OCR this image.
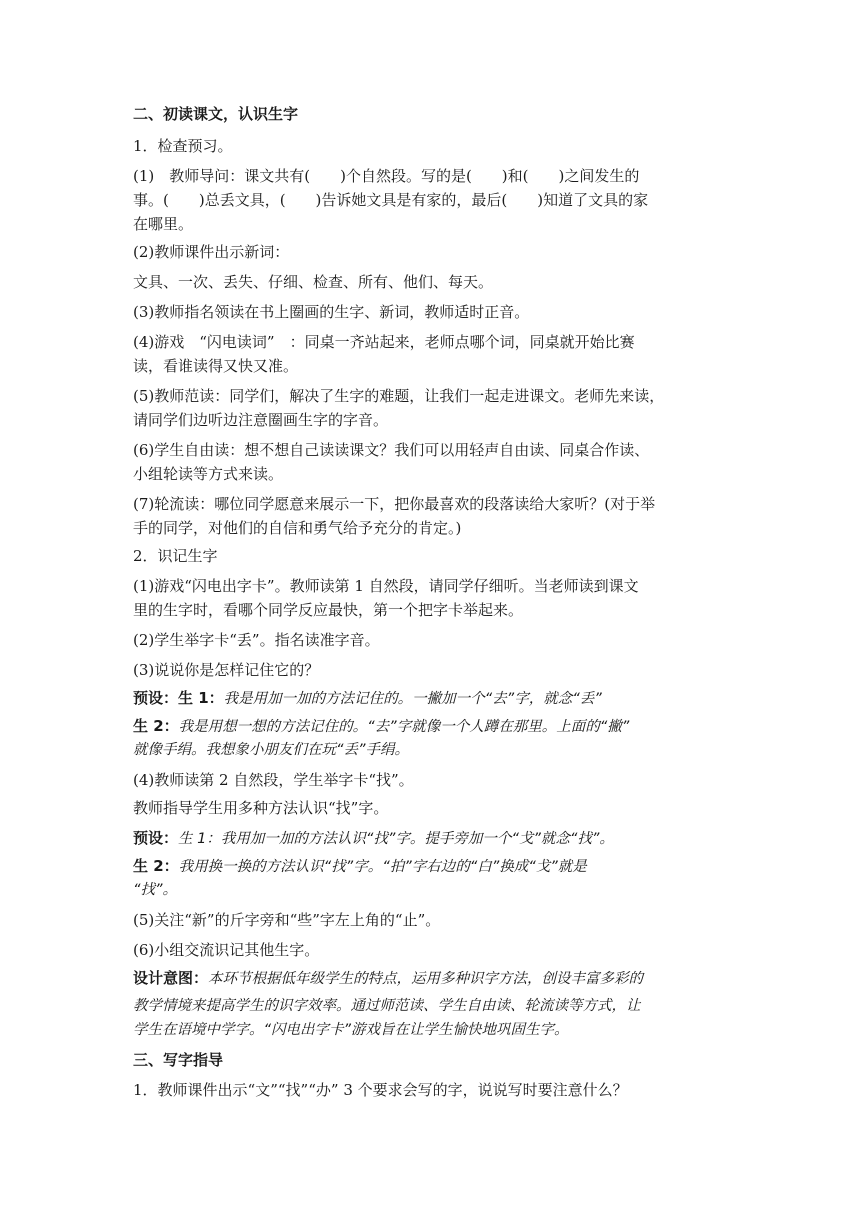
二、初读课文，认识生字
1．检查预习。
(1)　教师导问：课文共有(　　)个自然段。写的是(　　)和(　　)之间发生的
事。(　　)总丢文具，(　　)告诉她文具是有家的，最后(　　)知道了文具的家
在哪里。
(2)教师课件出示新词：
文具、一次、丢失、仔细、检查、所有、他们、每天。
(3)教师指名领读在书上圈画的生字、新词，教师适时正音。
(4)游戏　“闪电读词”　：同桌一齐站起来，老师点哪个词，同桌就开始比赛
读，看谁读得又快又准。
(5)教师范读：同学们，解决了生字的难题，让我们一起走进课文。老师先来读，
请同学们边听边注意圈画生字的字音。
(6)学生自由读：想不想自己读读课文？我们可以用轻声自由读、同桌合作读、
小组轮读等方式来读。
(7)轮流读：哪位同学愿意来展示一下，把你最喜欢的段落读给大家听？(对于举
手的同学，对他们的自信和勇气给予充分的肯定。)
2．识记生字
(1)游戏“闪电出字卡”。教师读第 1 自然段，请同学仔细听。当老师读到课文
里的生字时，看哪个同学反应最快，第一个把字卡举起来。
(2)学生举字卡“丢”。指名读准字音。
(3)说说你是怎样记住它的？
预设：生 1：我是用加一加的方法记住的。一撇加一个“去”字，就念“丢”
生 2：我是用想一想的方法记住的。“去”字就像一个人蹲在那里。上面的“撇”
就像手绢。我想象小朋友们在玩“丢”手绢。
(4)教师读第 2 自然段，学生举字卡“找”。
教师指导学生用多种方法认识“找”字。
预设：生 1：我用加一加的方法认识“找”字。提手旁加一个“戈”就念“找”。
生 2：我用换一换的方法认识“找”字。“拍”字右边的“白”换成“戈”就是
“找”。
(5)关注“新”的斤字旁和“些”字左上角的“止”。
(6)小组交流识记其他生字。
设计意图：本环节根据低年级学生的特点，运用多种识字方法，创设丰富多彩的
教学情境来提高学生的识字效率。通过师范读、学生自由读、轮流读等方式，让
学生在语境中学字。“闪电出字卡”游戏旨在让学生愉快地巩固生字。
三、写字指导
1．教师课件出示“文”“找”“办” 3 个要求会写的字，说说写时要注意什么？
